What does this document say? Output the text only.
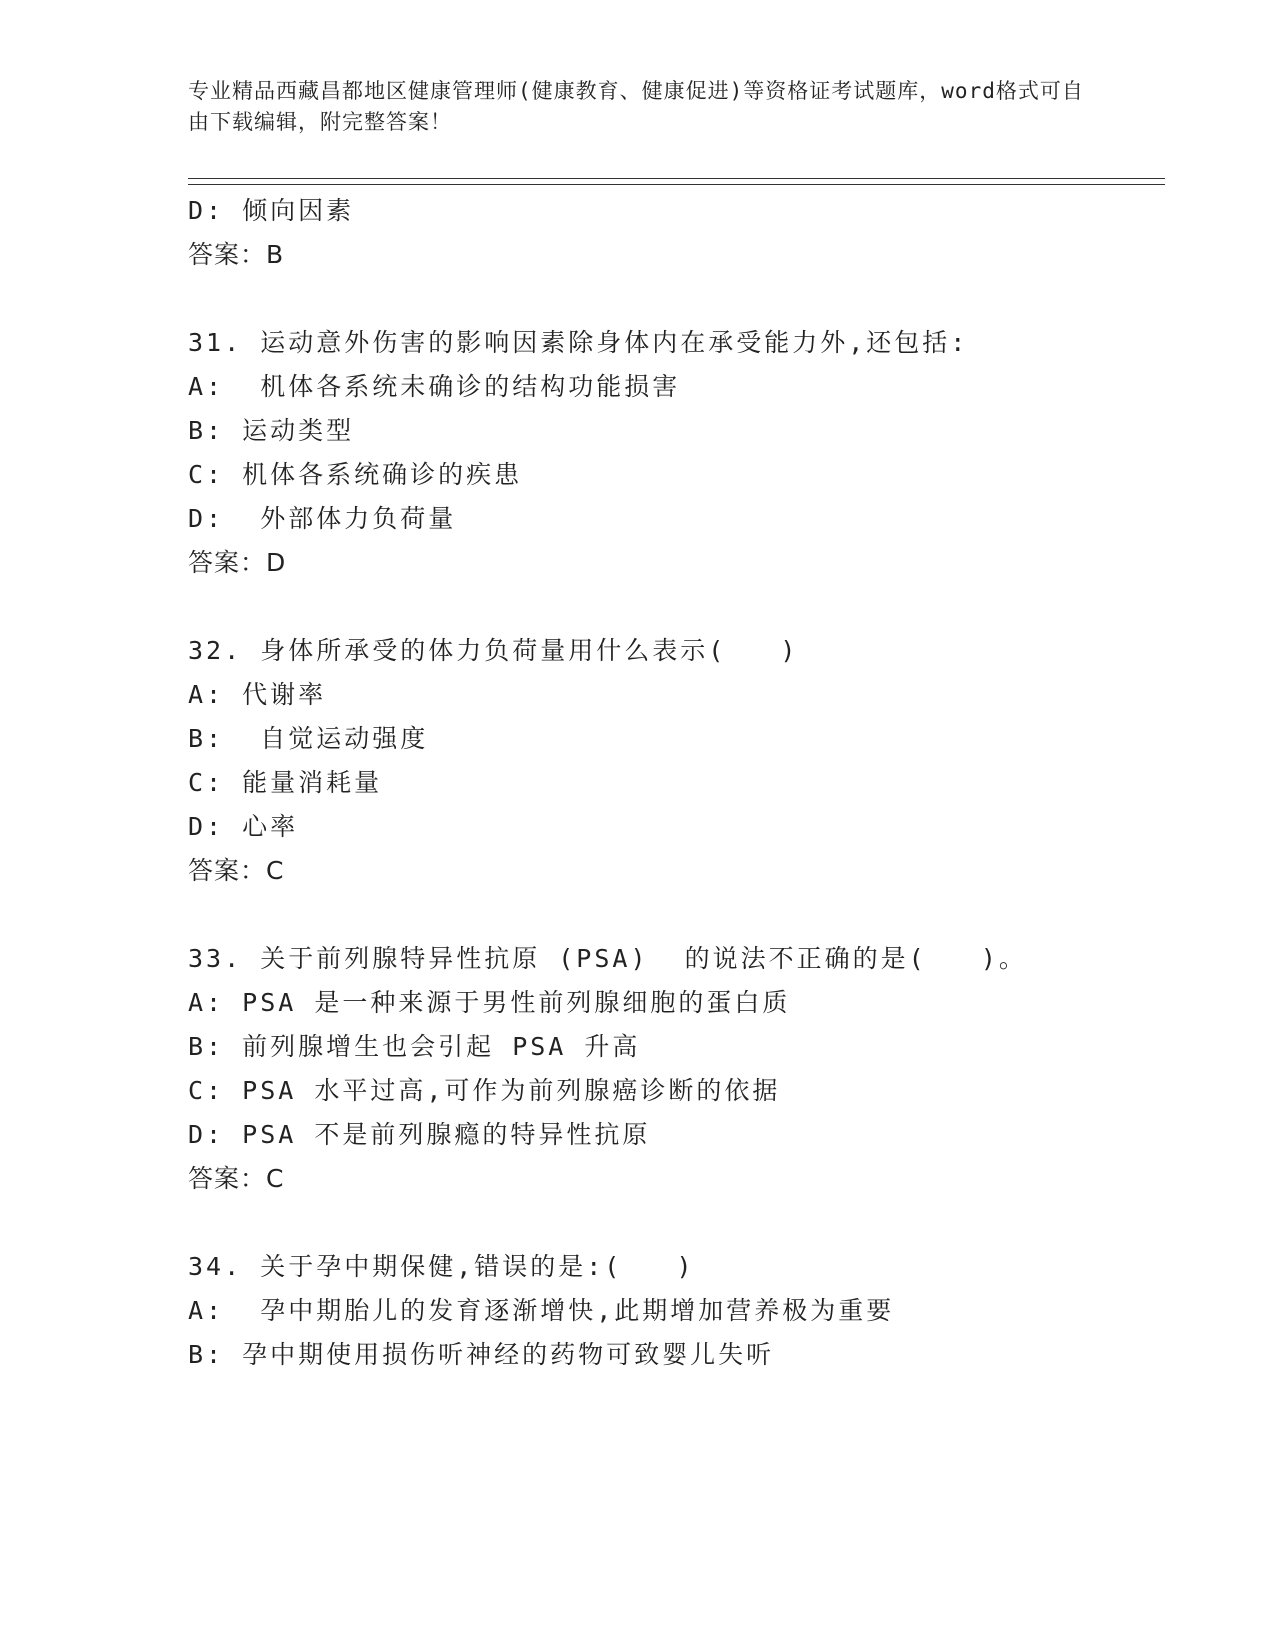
专业精品西藏昌都地区健康管理师(健康教育、健康促进)等资格证考试题库，word格式可自由下载编辑，附完整答案！
D: 倾向因素
答案：B
31. 运动意外伤害的影响因素除身体内在承受能力外,还包括:
A:  机体各系统未确诊的结构功能损害
B: 运动类型
C: 机体各系统确诊的疾患
D:  外部体力负荷量
答案：D
32. 身体所承受的体力负荷量用什么表示(   )
A: 代谢率
B:  自觉运动强度
C: 能量消耗量
D: 心率
答案：C
33. 关于前列腺特异性抗原 (PSA)  的说法不正确的是(   )。
A: PSA 是一种来源于男性前列腺细胞的蛋白质
B: 前列腺增生也会引起 PSA 升高
C: PSA 水平过高,可作为前列腺癌诊断的依据
D: PSA 不是前列腺瘾的特异性抗原
答案：C
34. 关于孕中期保健,错误的是:(   )
A:  孕中期胎儿的发育逐渐增快,此期增加营养极为重要
B: 孕中期使用损伤听神经的药物可致婴儿失听
